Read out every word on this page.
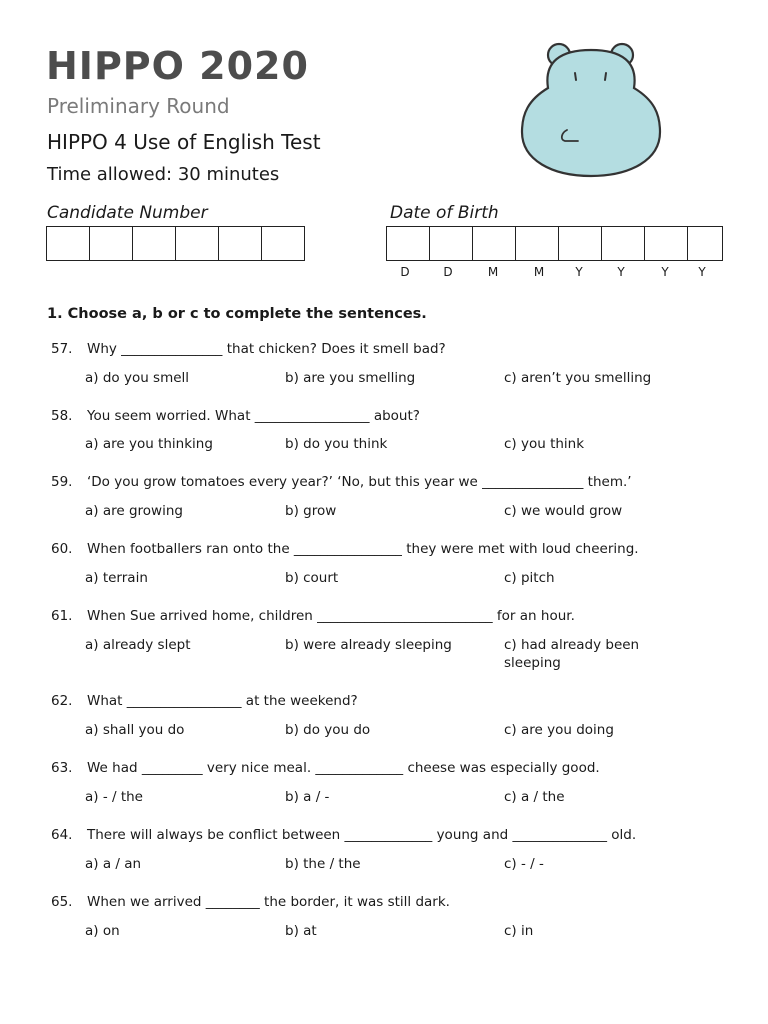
HIPPO 2020
Preliminary Round
HIPPO 4 Use of English Test
Time allowed: 30 minutes
Candidate Number	Date of Birth
D	D	M	M	Y	Y	Y	Y
1. Choose a, b or c to complete the sentences.
57. Why _______________ that chicken? Does it smell bad?
a) do you smell	b) are you smelling	c) aren’t you smelling
58. You seem worried. What _________________ about?
a) are you thinking	b) do you think	c) you think
59. ‘Do you grow tomatoes every year?’ ‘No, but this year we _______________ them.’
a) are growing	b) grow	c) we would grow
60. When footballers ran onto the ________________ they were met with loud cheering.
a) terrain	b) court	c) pitch
61. When Sue arrived home, children __________________________ for an hour.
a) already slept	b) were already sleeping	c) had already been sleeping
62. What _________________ at the weekend?
a) shall you do	b) do you do	c) are you doing
63. We had _________ very nice meal. _____________ cheese was especially good.
a) - / the	b) a / -	c) a / the
64. There will always be conflict between _____________ young and ______________ old.
a) a / an	b) the / the	c) - / -
65. When we arrived ________ the border, it was still dark.
a) on	b) at	c) in
